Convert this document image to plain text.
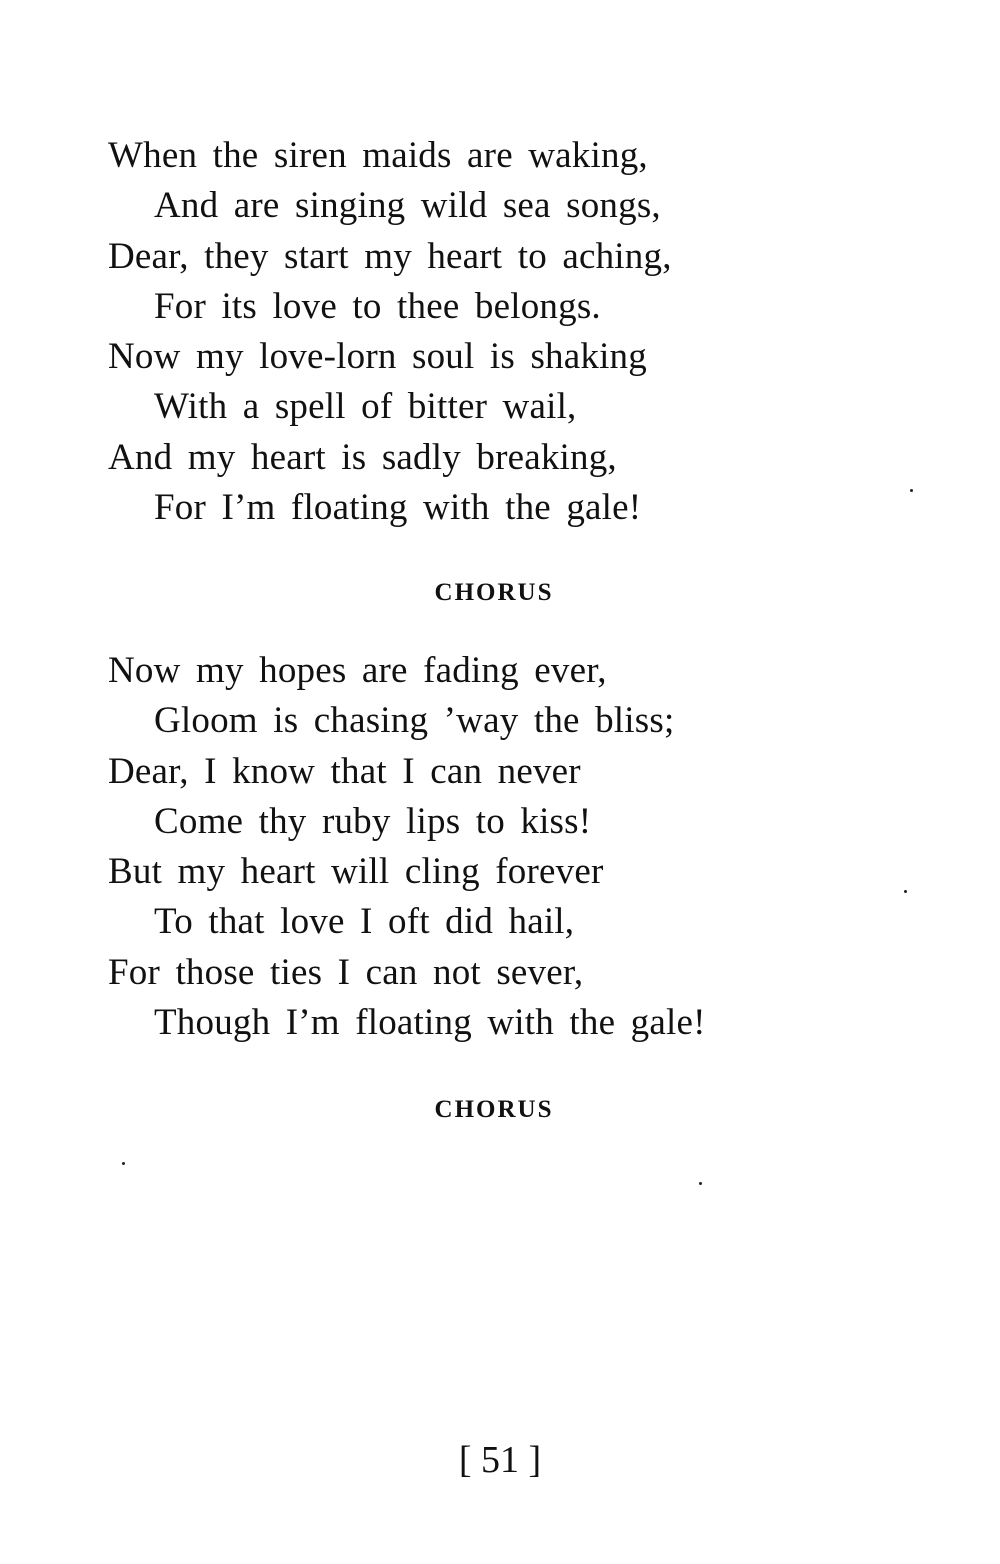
When the siren maids are waking,
And are singing wild sea songs,
Dear, they start my heart to aching,
For its love to thee belongs.
Now my love-lorn soul is shaking
With a spell of bitter wail,
And my heart is sadly breaking,
For I’m floating with the gale!
CHORUS
Now my hopes are fading ever,
Gloom is chasing ’way the bliss;
Dear, I know that I can never
Come thy ruby lips to kiss!
But my heart will cling forever
To that love I oft did hail,
For those ties I can not sever,
Though I’m floating with the gale!
CHORUS
[ 51 ]
